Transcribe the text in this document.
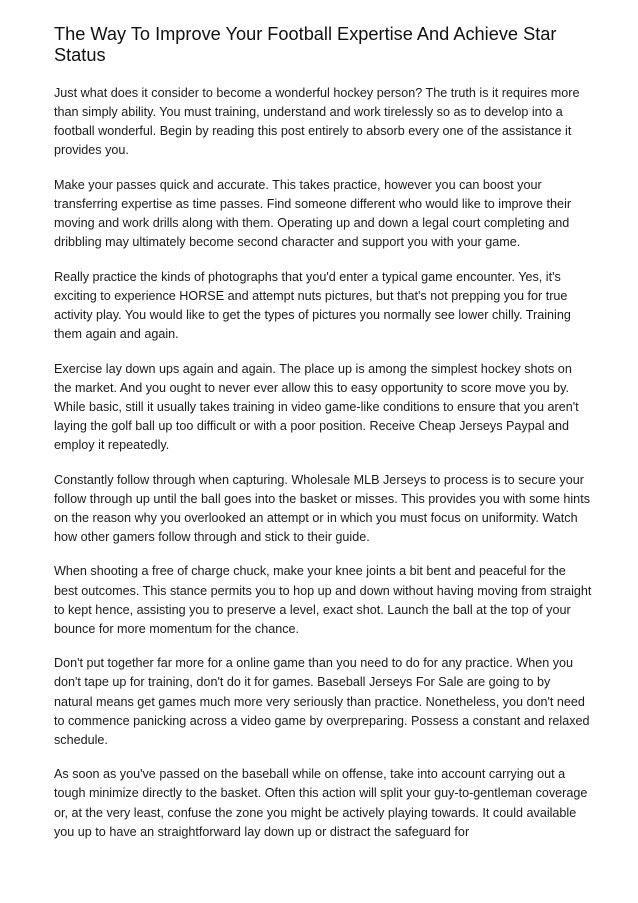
The Way To Improve Your Football Expertise And Achieve Star Status

Just what does it consider to become a wonderful hockey person? The truth is it requires more than simply ability. You must training, understand and work tirelessly so as to develop into a football wonderful. Begin by reading this post entirely to absorb every one of the assistance it provides you.

Make your passes quick and accurate. This takes practice, however you can boost your transferring expertise as time passes. Find someone different who would like to improve their moving and work drills along with them. Operating up and down a legal court completing and dribbling may ultimately become second character and support you with your game.

Really practice the kinds of photographs that you'd enter a typical game encounter. Yes, it's exciting to experience HORSE and attempt nuts pictures, but that's not prepping you for true activity play. You would like to get the types of pictures you normally see lower chilly. Training them again and again.

Exercise lay down ups again and again. The place up is among the simplest hockey shots on the market. And you ought to never ever allow this to easy opportunity to score move you by. While basic, still it usually takes training in video game-like conditions to ensure that you aren't laying the golf ball up too difficult or with a poor position. Receive Cheap Jerseys Paypal and employ it repeatedly.

Constantly follow through when capturing. Wholesale MLB Jerseys to process is to secure your follow through up until the ball goes into the basket or misses. This provides you with some hints on the reason why you overlooked an attempt or in which you must focus on uniformity. Watch how other gamers follow through and stick to their guide.

When shooting a free of charge chuck, make your knee joints a bit bent and peaceful for the best outcomes. This stance permits you to hop up and down without having moving from straight to kept hence, assisting you to preserve a level, exact shot. Launch the ball at the top of your bounce for more momentum for the chance.

Don't put together far more for a online game than you need to do for any practice. When you don't tape up for training, don't do it for games. Baseball Jerseys For Sale are going to by natural means get games much more very seriously than practice. Nonetheless, you don't need to commence panicking across a video game by overpreparing. Possess a constant and relaxed schedule.

As soon as you've passed on the baseball while on offense, take into account carrying out a tough minimize directly to the basket. Often this action will split your guy-to-gentleman coverage or, at the very least, confuse the zone you might be actively playing towards. It could available you up to have an straightforward lay down up or distract the safeguard for
